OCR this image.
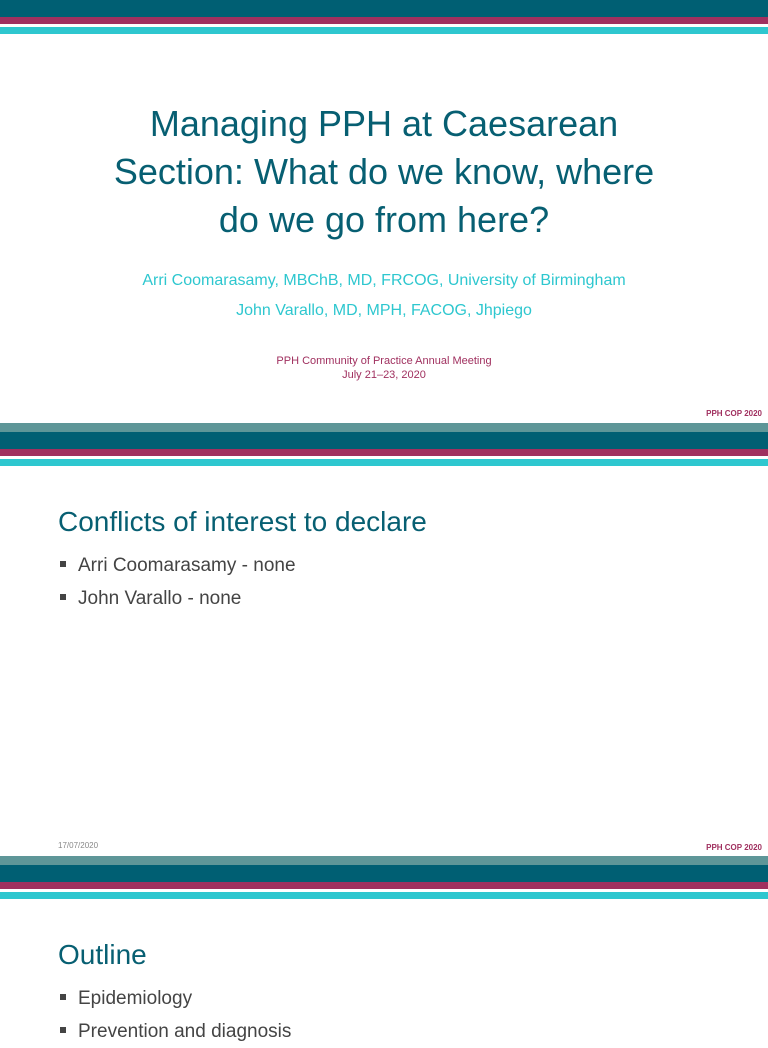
Managing PPH at Caesarean
Section: What do we know, where
do we go from here?
Arri Coomarasamy, MBChB, MD, FRCOG, University of Birmingham
John Varallo, MD, MPH, FACOG, Jhpiego
PPH Community of Practice Annual Meeting
July 21–23, 2020
PPH COP 2020
Conflicts of interest to declare
Arri Coomarasamy - none
John Varallo - none
17/07/2020	PPH COP 2020
Outline
Epidemiology
Prevention and diagnosis
